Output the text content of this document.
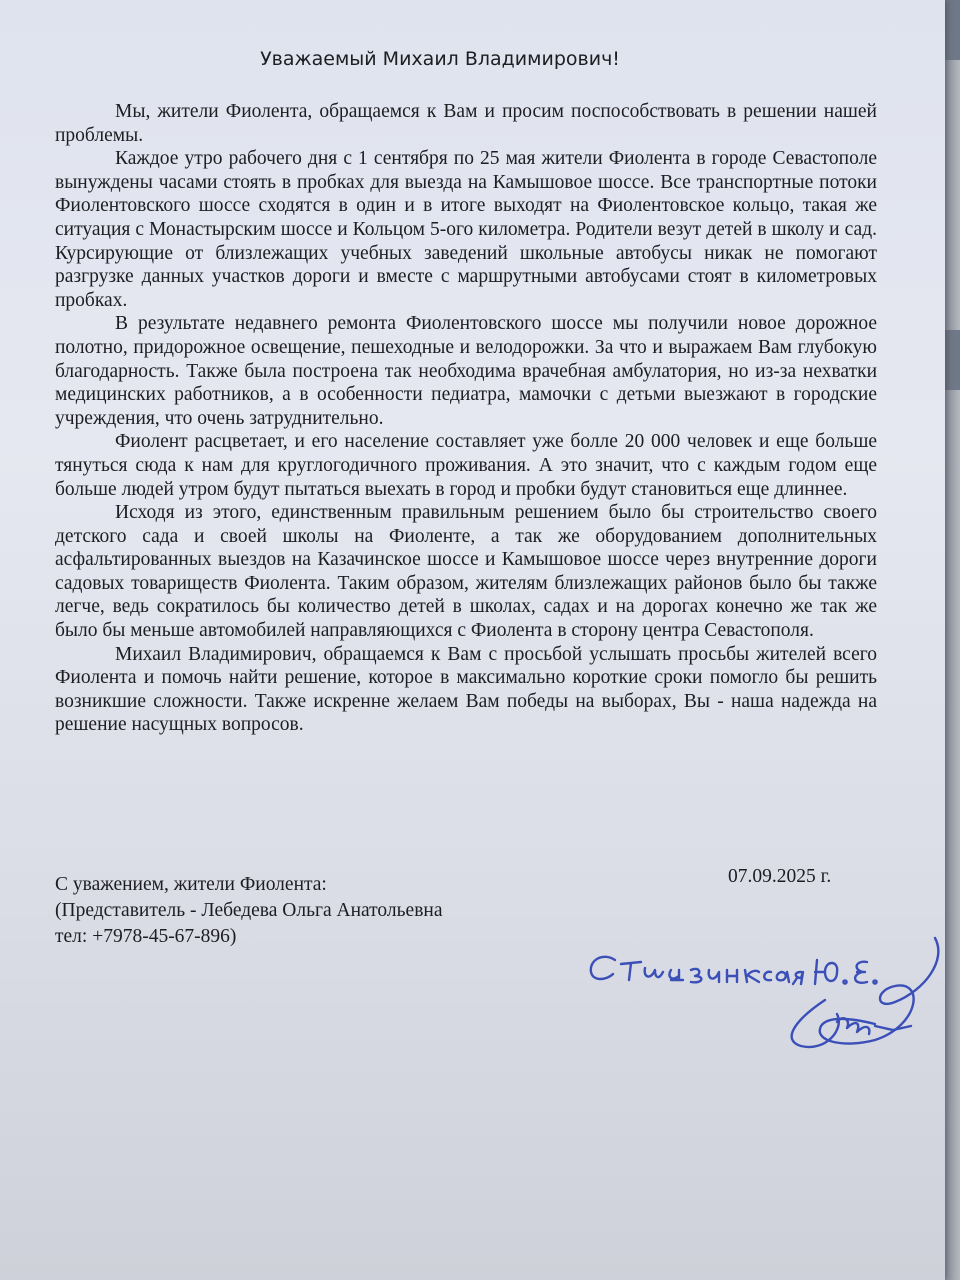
Уважаемый Михаил Владимирович!

Мы, жители Фиолента, обращаемся к Вам и просим поспособствовать в решении нашей проблемы.

Каждое утро рабочего дня с 1 сентября по 25 мая жители Фиолента в городе Севастополе вынуждены часами стоять в пробках для выезда на Камышовое шоссе. Все транспортные потоки Фиолентовского шоссе сходятся в один и в итоге выходят на Фиолентовское кольцо, такая же ситуация с Монастырским шоссе и Кольцом 5-ого километра. Родители везут детей в школу и сад. Курсирующие от близлежащих учебных заведений школьные автобусы никак не помогают разгрузке данных участков дороги и вместе с маршрутными автобусами стоят в километровых пробках.

В результате недавнего ремонта Фиолентовского шоссе мы получили новое дорожное полотно, придорожное освещение, пешеходные и велодорожки. За что и выражаем Вам глубокую благодарность. Также была построена так необходима врачебная амбулатория, но из-за нехватки медицинских работников, а в особенности педиатра, мамочки с детьми выезжают в городские учреждения, что очень затруднительно.

Фиолент расцветает, и его население составляет уже болле 20 000 человек и еще больше тянуться сюда к нам для круглогодичного проживания. А это значит, что с каждым годом еще больше людей утром будут пытаться выехать в город и пробки будут становиться еще длиннее.

Исходя из этого, единственным правильным решением было бы строительство своего детского сада и своей школы на Фиоленте, а так же оборудованием дополнительных асфальтированных выездов на Казачинское шоссе и Камышовое шоссе через внутренние дороги садовых товариществ Фиолента. Таким образом, жителям близлежащих районов было бы также легче, ведь сократилось бы количество детей в школах, садах и на дорогах конечно же так же было бы меньше автомобилей направляющихся с Фиолента в сторону центра Севастополя.

Михаил Владимирович, обращаемся к Вам с просьбой услышать просьбы жителей всего Фиолента и помочь найти решение, которое в максимально короткие сроки помогло бы решить возникшие сложности. Также искренне желаем Вам победы на выборах, Вы - наша надежда на решение насущных вопросов.

С уважением, жители Фиолента:
(Представитель - Лебедева Ольга Анатольевна
тел: +7978-45-67-896)
07.09.2025 г.
